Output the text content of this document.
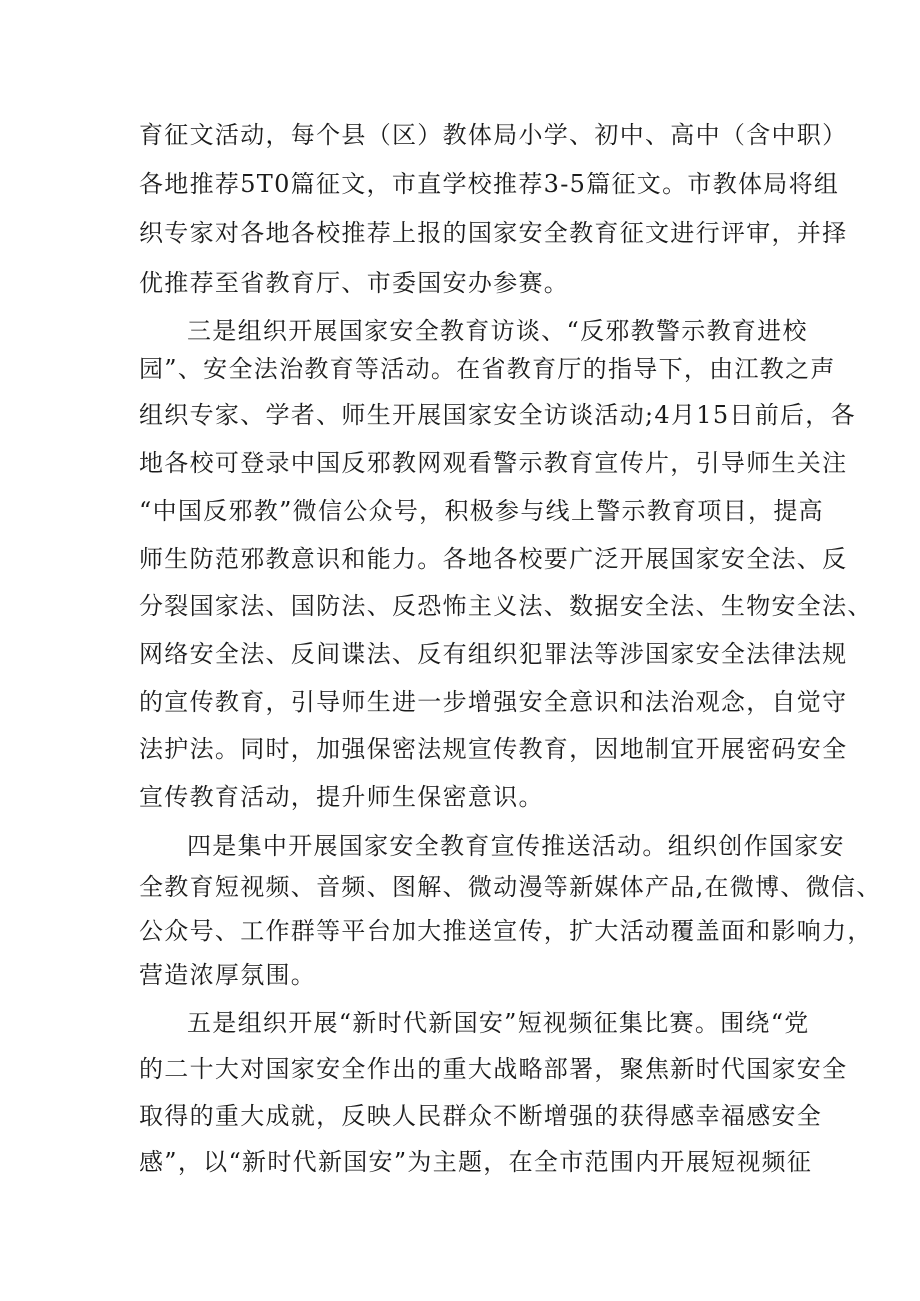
育征文活动，每个县（区）教体局小学、初中、高中（含中职）
各地推荐5T0篇征文，市直学校推荐3-5篇征文。市教体局将组
织专家对各地各校推荐上报的国家安全教育征文进行评审，并择
优推荐至省教育厅、市委国安办参赛。
三是组织开展国家安全教育访谈、“反邪教警示教育进校
园”、安全法治教育等活动。在省教育厅的指导下，由江教之声
组织专家、学者、师生开展国家安全访谈活动;4月15日前后，各
地各校可登录中国反邪教网观看警示教育宣传片，引导师生关注
“中国反邪教”微信公众号，积极参与线上警示教育项目，提高
师生防范邪教意识和能力。各地各校要广泛开展国家安全法、反
分裂国家法、国防法、反恐怖主义法、数据安全法、生物安全法、
网络安全法、反间谍法、反有组织犯罪法等涉国家安全法律法规
的宣传教育，引导师生进一步增强安全意识和法治观念，自觉守
法护法。同时，加强保密法规宣传教育，因地制宜开展密码安全
宣传教育活动，提升师生保密意识。
四是集中开展国家安全教育宣传推送活动。组织创作国家安
全教育短视频、音频、图解、微动漫等新媒体产品,在微博、微信、
公众号、工作群等平台加大推送宣传，扩大活动覆盖面和影响力，
营造浓厚氛围。
五是组织开展“新时代新国安”短视频征集比赛。围绕“党
的二十大对国家安全作出的重大战略部署，聚焦新时代国家安全
取得的重大成就，反映人民群众不断增强的获得感幸福感安全
感”，以“新时代新国安”为主题，在全市范围内开展短视频征
